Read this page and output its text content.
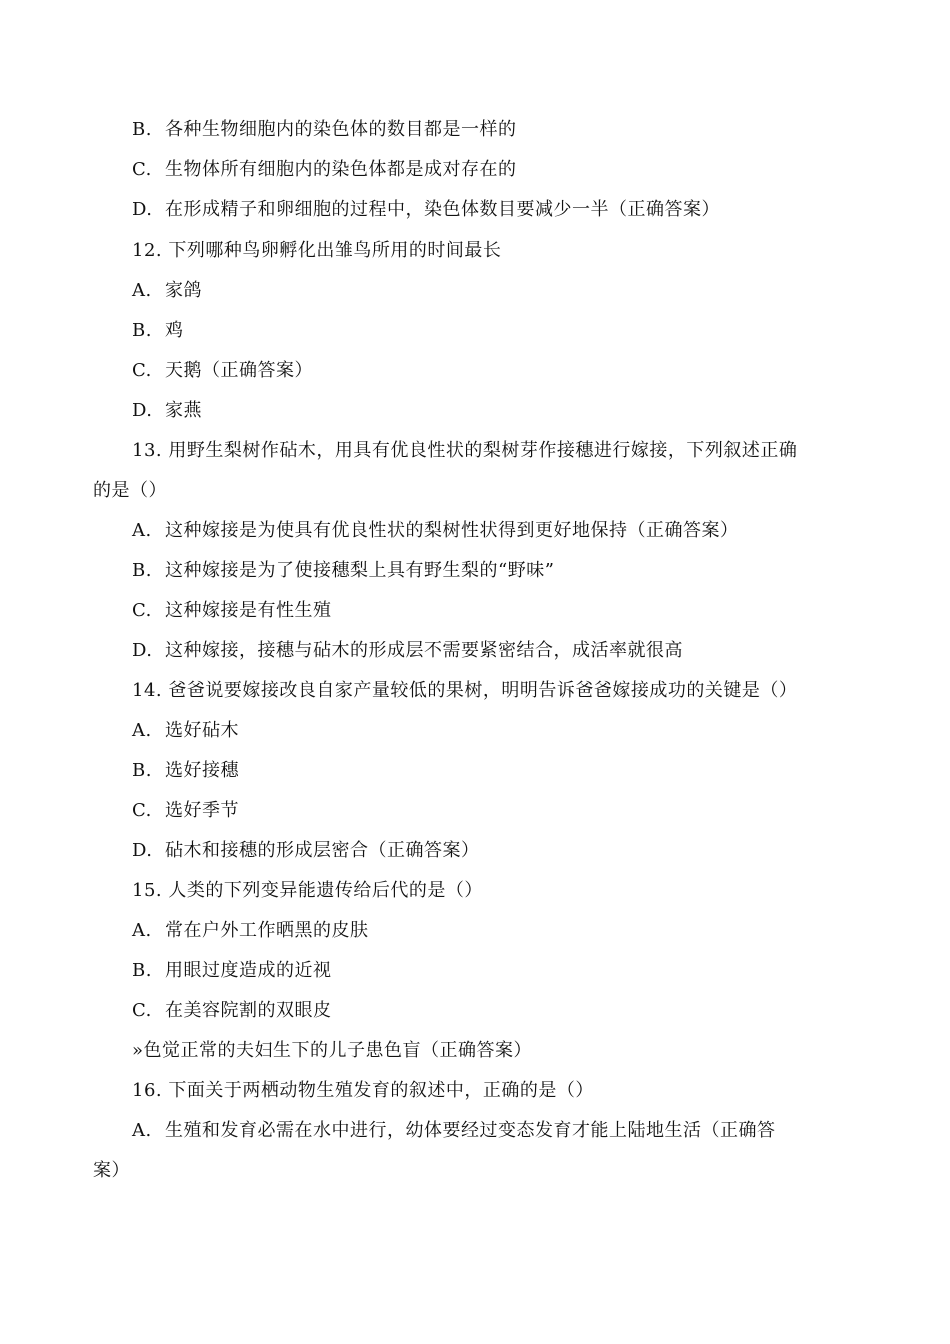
B. 各种生物细胞内的染色体的数目都是一样的
C. 生物体所有细胞内的染色体都是成对存在的
D. 在形成精子和卵细胞的过程中，染色体数目要减少一半（正确答案）
12. 下列哪种鸟卵孵化出雏鸟所用的时间最长
A. 家鸽
B. 鸡
C. 天鹅（正确答案）
D. 家燕
13. 用野生梨树作砧木，用具有优良性状的梨树芽作接穗进行嫁接，下列叙述正确
的是（）
A. 这种嫁接是为使具有优良性状的梨树性状得到更好地保持（正确答案）
B. 这种嫁接是为了使接穗梨上具有野生梨的“野味”
C. 这种嫁接是有性生殖
D. 这种嫁接，接穗与砧木的形成层不需要紧密结合，成活率就很高
14. 爸爸说要嫁接改良自家产量较低的果树，明明告诉爸爸嫁接成功的关键是（）
A. 选好砧木
B. 选好接穗
C. 选好季节
D. 砧木和接穗的形成层密合（正确答案）
15. 人类的下列变异能遗传给后代的是（）
A. 常在户外工作晒黑的皮肤
B. 用眼过度造成的近视
C. 在美容院割的双眼皮
»色觉正常的夫妇生下的儿子患色盲（正确答案）
16. 下面关于两栖动物生殖发育的叙述中，正确的是（）
A. 生殖和发育必需在水中进行，幼体要经过变态发育才能上陆地生活（正确答
案）
